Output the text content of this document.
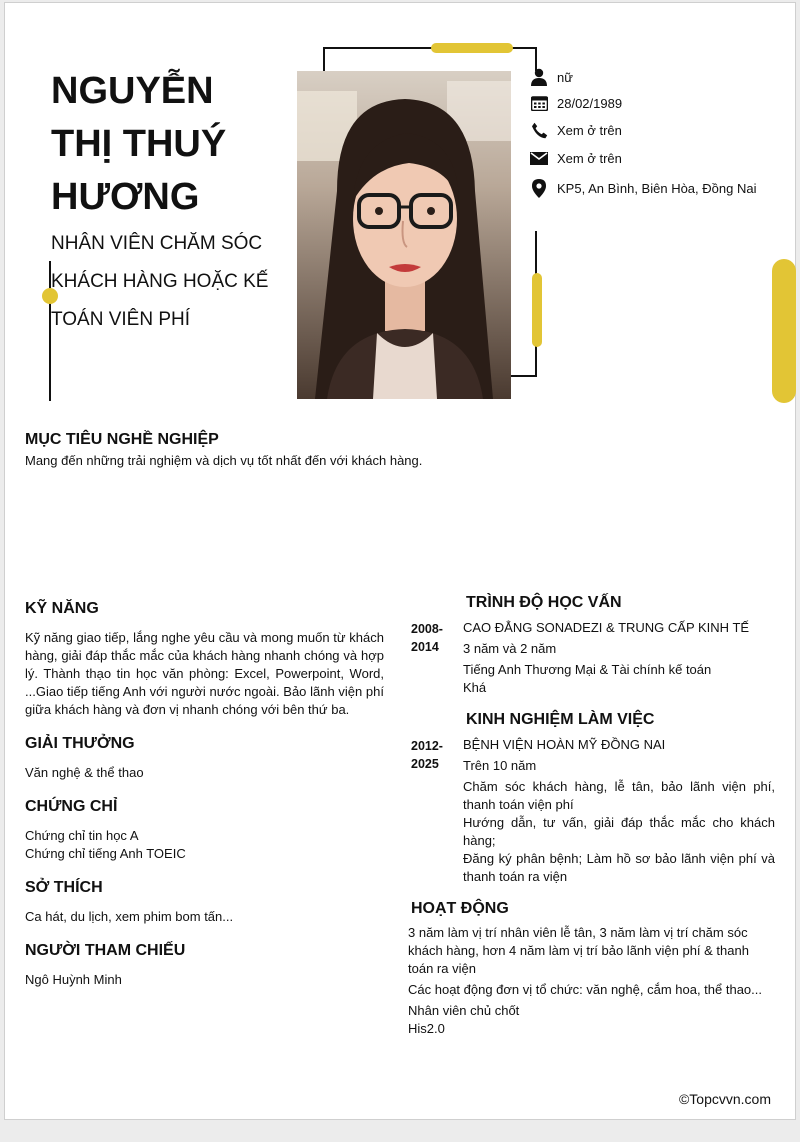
NGUYỄN
THỊ THUÝ
HƯƠNG
NHÂN VIÊN CHĂM SÓC
KHÁCH HÀNG HOẶC KẾ
TOÁN VIÊN PHÍ
nữ
28/02/1989
Xem ở trên
Xem ở trên
KP5, An Bình, Biên Hòa, Đồng Nai
MỤC TIÊU NGHỀ NGHIỆP
Mang đến những trải nghiệm và dịch vụ tốt nhất đến với khách hàng.
KỸ NĂNG
Kỹ năng giao tiếp, lắng nghe yêu cầu và mong muốn từ khách hàng, giải đáp thắc mắc của khách hàng nhanh chóng và hợp lý. Thành thạo tin học văn phòng: Excel, Powerpoint, Word, ...Giao tiếp tiếng Anh với người nước ngoài. Bảo lãnh viện phí giữa khách hàng và đơn vị nhanh chóng với bên thứ ba.
GIẢI THƯỞNG
Văn nghệ & thể thao
CHỨNG CHỈ
Chứng chỉ tin học A
Chứng chỉ tiếng Anh TOEIC
SỞ THÍCH
Ca hát, du lịch, xem phim bom tấn...
NGƯỜI THAM CHIẾU
Ngô Huỳnh Minh
TRÌNH ĐỘ HỌC VẤN
2008-
2014
CAO ĐẲNG SONADEZI & TRUNG CẤP KINH TẾ
3 năm và 2 năm
Tiếng Anh Thương Mại & Tài chính kế toán
Khá
KINH NGHIỆM LÀM VIỆC
2012-
2025
BỆNH VIỆN HOÀN MỸ ĐỒNG NAI
Trên 10 năm
Chăm sóc khách hàng, lễ tân, bảo lãnh viện phí, thanh toán viện phí
Hướng dẫn, tư vấn, giải đáp thắc mắc cho khách hàng;
Đăng ký phân bệnh; Làm hồ sơ bảo lãnh viện phí và thanh toán ra viện
HOẠT ĐỘNG
3 năm làm vị trí nhân viên lễ tân, 3 năm làm vị trí chăm sóc khách hàng, hơn 4 năm làm vị trí bảo lãnh viện phí & thanh toán ra viện
Các hoạt động đơn vị tổ chức: văn nghệ, cắm hoa, thể thao...
Nhân viên chủ chốt
His2.0
©Topcvvn.com
